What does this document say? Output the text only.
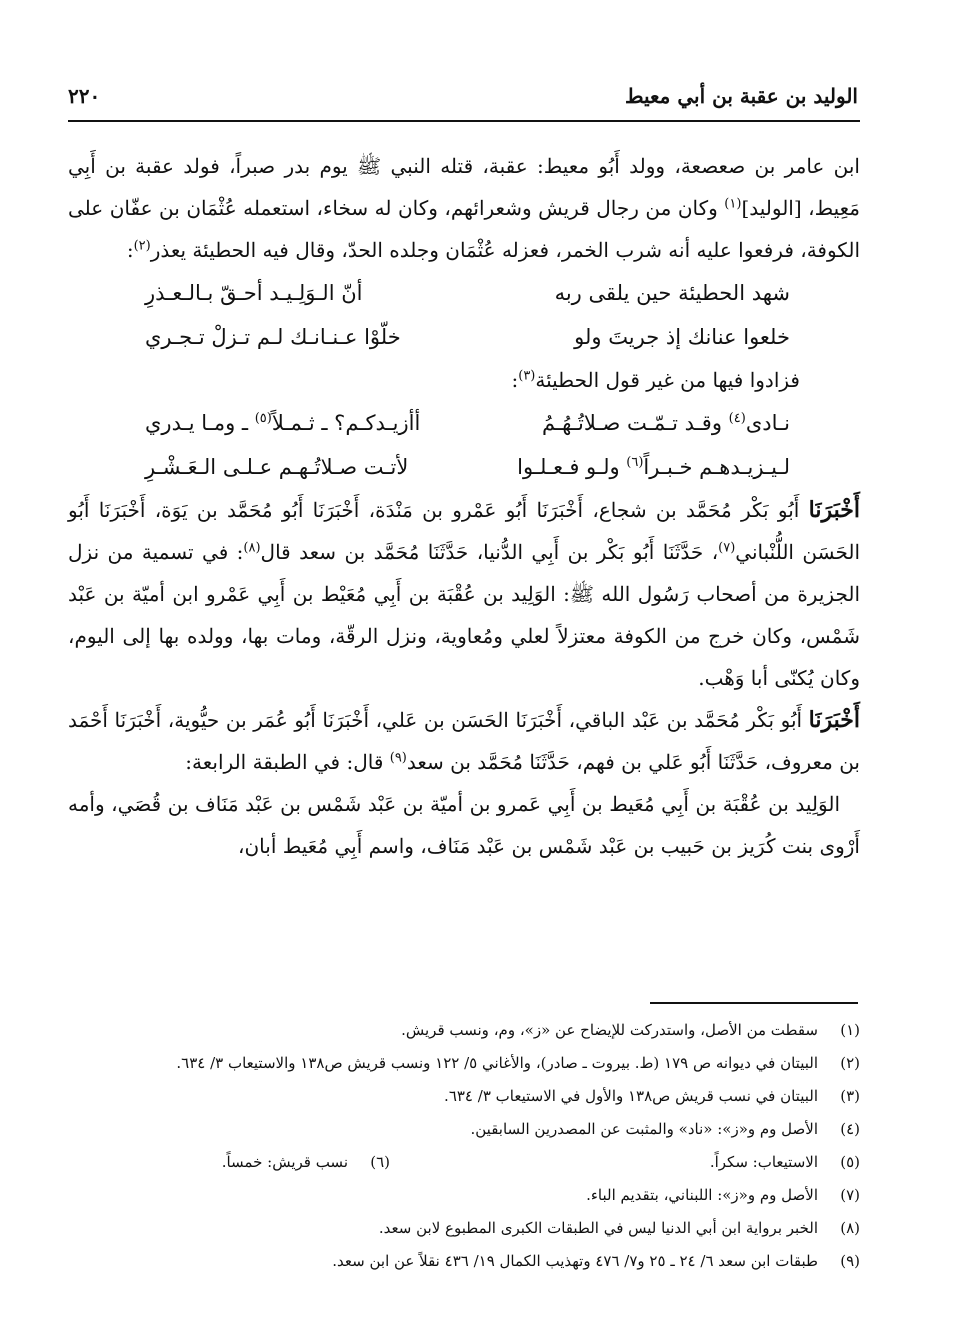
الوليد بن عقبة بن أبي معيط
٢٢٠

ابن عامر بن صعصعة، وولد أَبُو معيط: عقبة، قتله النبي ﷺ يوم بدر صبراً، فولد عقبة بن أَبِي مَعِيط، [الوليد]$^{(١)}$ وكان من رجال قريش وشعرائهم، وكان له سخاء، استعمله عُثْمَان بن عفّان على الكوفة، فرفعوا عليه أنه شرب الخمر، فعزله عُثْمَان وجلده الحدّ، وقال فيه الحطيئة يعذر$^{(٢)}$:

شهد الحطيئة حين يلقى ربه
أنّ الـوَلِـيـد أحـقّ بـالـعـذرِ
خلعوا عنانك إذ جريتَ ولو
خلّوْا عـنـانـك لـم تـزلْ تـجـري

فزادوا فيها من غير قول الحطيئة$^{(٣)}$:

نـادى$^{(٤)}$ وقـد تـمّـت صـلاتُـهُـمُ
أأزيـدكـم؟ ـ ثـمـلاً$^{(٥)}$ ـ ومـا يـدري
لـيـزيـدهـم خـبـراً$^{(٦)}$ ولـو فـعـلـوا
لأتـت صـلاتُـهـم عـلـى الـعَـشْـرِ

أَخْبَرَنَا أَبُو بَكْر مُحَمَّد بن شجاع، أَخْبَرَنَا أَبُو عَمْرو بن مَنْدَة، أَخْبَرَنَا أَبُو مُحَمَّد بن يَوَة، أَخْبَرَنَا أَبُو الحَسَن اللُّنْباني$^{(٧)}$، حَدَّثَنَا أَبُو بَكْر بن أَبِي الدُّنيا، حَدَّثَنَا مُحَمَّد بن سعد قال$^{(٨)}$: في تسمية من نزل الجزيرة من أصحاب رَسُول الله ﷺ: الوَلِيد بن عُقْبَة بن أَبِي مُعَيْط بن أَبِي عَمْرو ابن أميّة بن عَبْد شَمْس، وكان خرج من الكوفة معتزلاً لعلي ومُعاوية، ونزل الرقّة، ومات بها، وولده بها إلى اليوم، وكان يُكنّى أبا وَهْب.

أَخْبَرَنَا أَبُو بَكْر مُحَمَّد بن عَبْد الباقي، أَخْبَرَنَا الحَسَن بن عَلي، أَخْبَرَنَا أَبُو عُمَر بن حيُّوية، أَخْبَرَنَا أَحْمَد بن معروف، حَدَّثَنَا أَبُو عَلي بن فهم، حَدَّثَنَا مُحَمَّد بن سعد$^{(٩)}$ قال: في الطبقة الرابعة:

الوَلِيد بن عُقْبَة بن أَبِي مُعَيط بن أَبِي عَمرو بن أميّة بن عَبْد شَمْس بن عَبْد مَنَاف بن قُصَي، وأمه أَرْوى بنت كُرَيز بن حَبيب بن عَبْد شَمْس بن عَبْد مَنَاف، واسم أَبِي مُعَيط أبان،

(١)سقطت من الأصل، واستدركت للإيضاح عن «ز»، وم، ونسب قريش.
(٢)البيتان في ديوانه ص ١٧٩ (ط. بيروت ـ صادر)، والأغاني ٥/ ١٢٢ ونسب قريش ص١٣٨ والاستيعاب ٣/ ٦٣٤.
(٣)البيتان في نسب قريش ص١٣٨ والأول في الاستيعاب ٣/ ٦٣٤.
(٤)الأصل وم و«ز»: «ناد» والمثبت عن المصدرين السابقين.
(٥)الاستيعاب: سكراً.
(٦)نسب قريش: خمساً.
(٧)الأصل وم و«ز»: اللبناني، بتقديم الباء.
(٨)الخبر برواية ابن أبي الدنيا ليس في الطبقات الكبرى المطبوع لابن سعد.
(٩)طبقات ابن سعد ٦/ ٢٤ ـ ٢٥ و٧/ ٤٧٦ وتهذيب الكمال ١٩/ ٤٣٦ نقلاً عن ابن سعد.
